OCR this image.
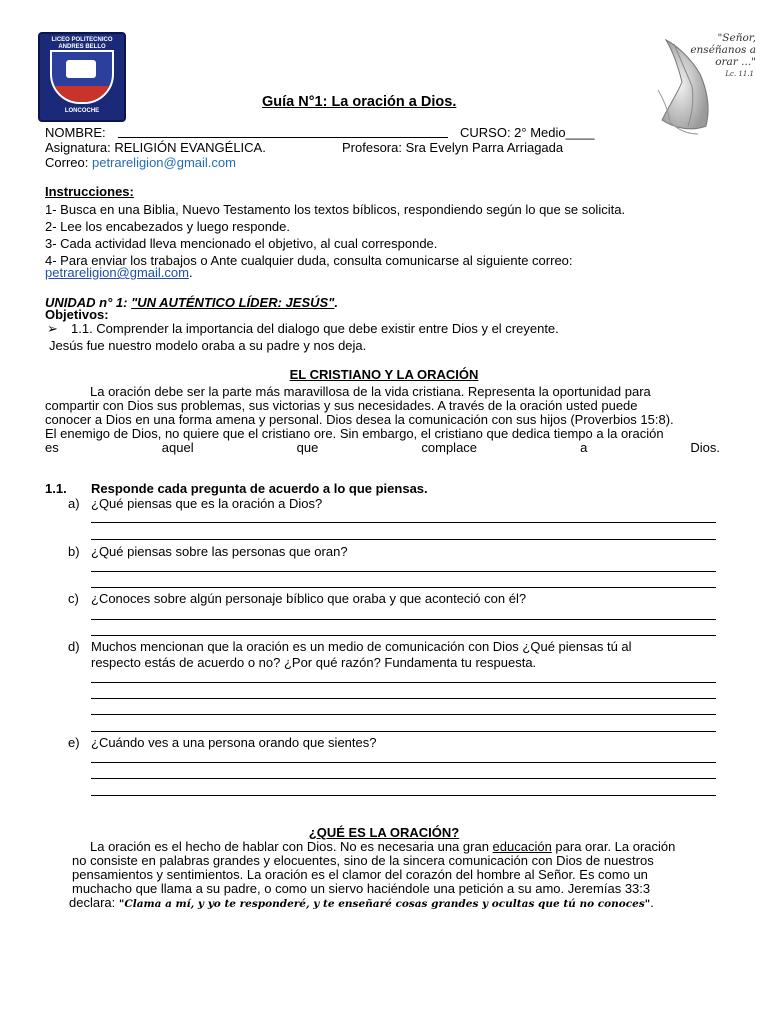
LICEO POLITECNICO
ANDRES BELLO
LONCOCHE
"Señor, enséñanos a orar ..."
Lc. 11.1
Guía N°1: La oración a Dios.
NOMBRE:	CURSO: 2° Medio____
Asignatura: RELIGIÓN EVANGÉLICA.	Profesora: Sra Evelyn Parra Arriagada
Correo: petrareligion@gmail.com
Instrucciones:
1- Busca en una Biblia, Nuevo Testamento los textos bíblicos, respondiendo según lo que se solicita.
2- Lee los encabezados y luego responde.
3- Cada actividad lleva mencionado el objetivo, al cual corresponde.
4- Para enviar los trabajos o Ante cualquier duda, consulta comunicarse al siguiente correo:
petrareligion@gmail.com.
UNIDAD n° 1: "UN AUTÉNTICO LÍDER: JESÚS".
Objetivos:
➢ 1.1. Comprender la importancia del dialogo que debe existir entre Dios y el creyente.
Jesús fue nuestro modelo oraba a su padre y nos deja.
EL CRISTIANO Y LA ORACIÓN
La oración debe ser la parte más maravillosa de la vida cristiana. Representa la oportunidad para
compartir con Dios sus problemas, sus victorias y sus necesidades. A través de la oración usted puede
conocer a Dios en una forma amena y personal. Dios desea la comunicación con sus hijos (Proverbios 15:8).
El enemigo de Dios, no quiere que el cristiano ore. Sin embargo, el cristiano que dedica tiempo a la oración
es aquel que complace a Dios.
1.1. Responde cada pregunta de acuerdo a lo que piensas.
a) ¿Qué piensas que es la oración a Dios?
b) ¿Qué piensas sobre las personas que oran?
c) ¿Conoces sobre algún personaje bíblico que oraba y que aconteció con él?
d) Muchos mencionan que la oración es un medio de comunicación con Dios ¿Qué piensas tú al
respecto estás de acuerdo o no? ¿Por qué razón? Fundamenta tu respuesta.
e) ¿Cuándo ves a una persona orando que sientes?
¿QUÉ ES LA ORACIÓN?
La oración es el hecho de hablar con Dios. No es necesaria una gran educación para orar. La oración
no consiste en palabras grandes y elocuentes, sino de la sincera comunicación con Dios de nuestros
pensamientos y sentimientos. La oración es el clamor del corazón del hombre al Señor. Es como un
muchacho que llama a su padre, o como un siervo haciéndole una petición a su amo. Jeremías 33:3
declara: "Clama a mí, y yo te responderé, y te enseñaré cosas grandes y ocultas que tú no conoces".
